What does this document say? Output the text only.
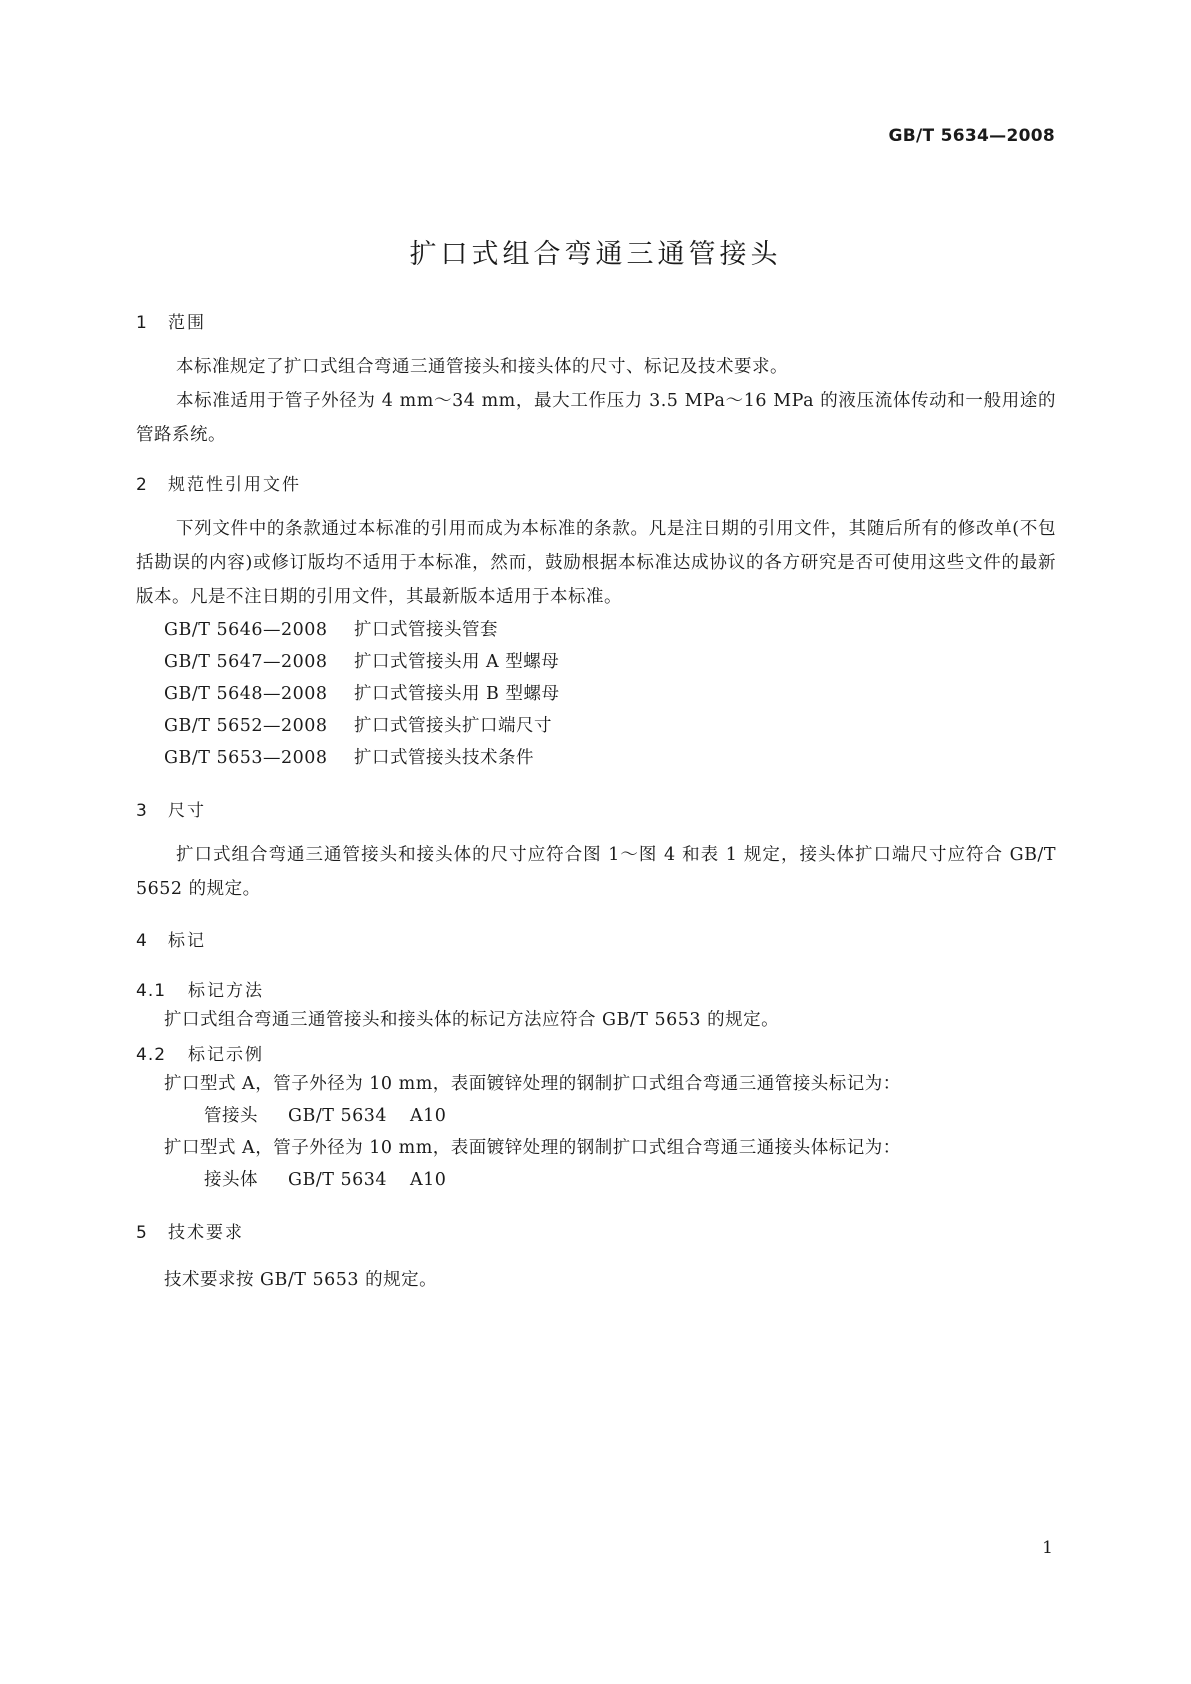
GB/T 5634—2008
扩口式组合弯通三通管接头
1 范围
本标准规定了扩口式组合弯通三通管接头和接头体的尺寸、标记及技术要求。
本标准适用于管子外径为 4 mm～34 mm，最大工作压力 3.5 MPa～16 MPa 的液压流体传动和一般用途的管路系统。
2 规范性引用文件
下列文件中的条款通过本标准的引用而成为本标准的条款。凡是注日期的引用文件，其随后所有的修改单(不包括勘误的内容)或修订版均不适用于本标准，然而，鼓励根据本标准达成协议的各方研究是否可使用这些文件的最新版本。凡是不注日期的引用文件，其最新版本适用于本标准。
GB/T 5646—2008 扩口式管接头管套
GB/T 5647—2008 扩口式管接头用 A 型螺母
GB/T 5648—2008 扩口式管接头用 B 型螺母
GB/T 5652—2008 扩口式管接头扩口端尺寸
GB/T 5653—2008 扩口式管接头技术条件
3 尺寸
扩口式组合弯通三通管接头和接头体的尺寸应符合图 1～图 4 和表 1 规定，接头体扩口端尺寸应符合 GB/T 5652 的规定。
4 标记
4.1 标记方法
扩口式组合弯通三通管接头和接头体的标记方法应符合 GB/T 5653 的规定。
4.2 标记示例
扩口型式 A，管子外径为 10 mm，表面镀锌处理的钢制扩口式组合弯通三通管接头标记为：
管接头 GB/T 5634 A10
扩口型式 A，管子外径为 10 mm，表面镀锌处理的钢制扩口式组合弯通三通接头体标记为：
接头体 GB/T 5634 A10
5 技术要求
技术要求按 GB/T 5653 的规定。
1
